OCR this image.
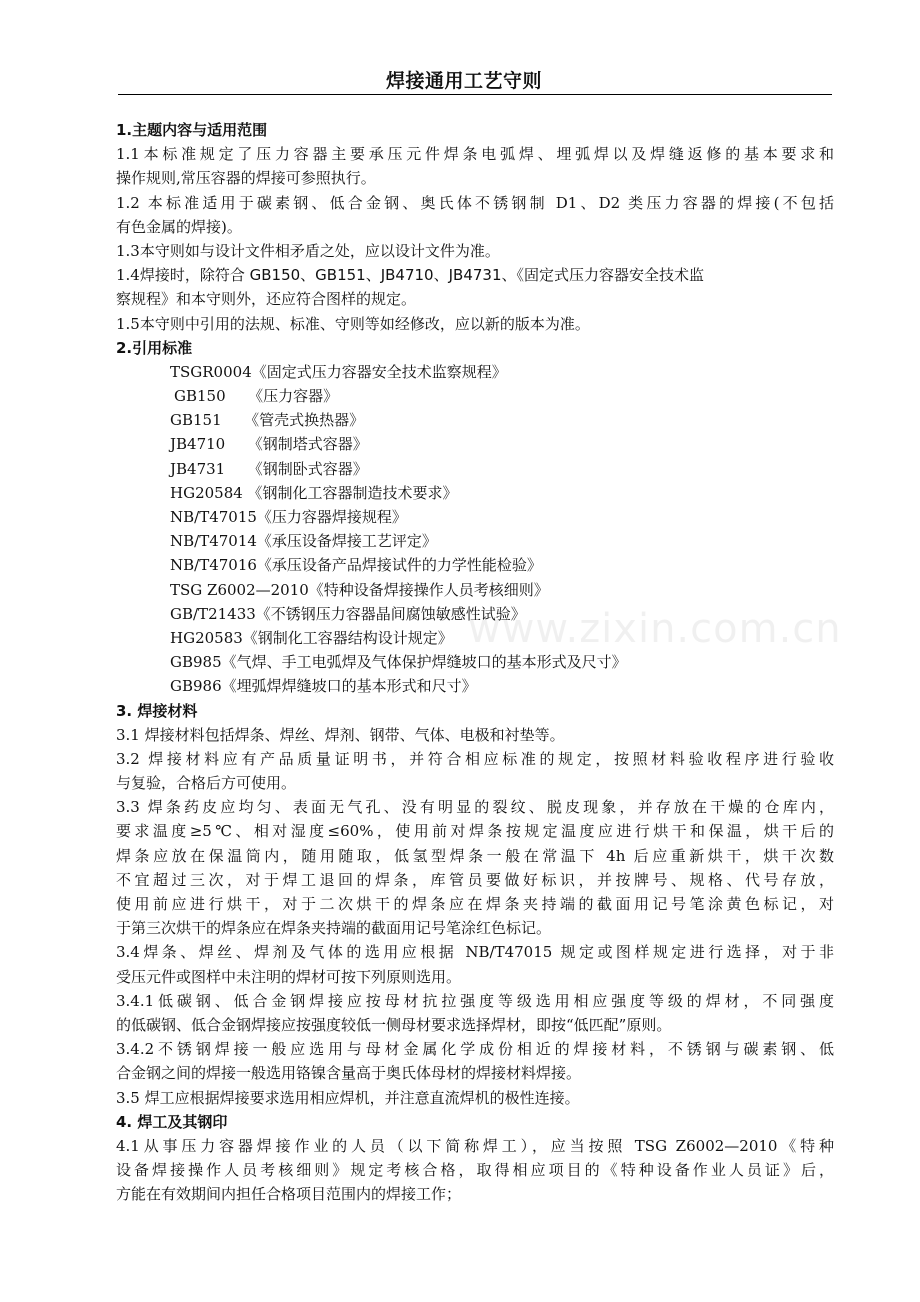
www.zixin.com.cn
焊接通用工艺守则
1.主题内容与适用范围
1.1本标准规定了压力容器主要承压元件焊条电弧焊、埋弧焊以及焊缝返修的基本要求和
操作规则,常压容器的焊接可参照执行。
1.2 本标准适用于碳素钢、低合金钢、奥氏体不锈钢制 D1、D2 类压力容器的焊接(不包括
有色金属的焊接)。
1.3本守则如与设计文件相矛盾之处，应以设计文件为准。
1.4焊接时，除符合 GB150、GB151、JB4710、JB4731、《固定式压力容器安全技术监
察规程》和本守则外，还应符合图样的规定。
1.5本守则中引用的法规、标准、守则等如经修改，应以新的版本为准。
2.引用标准
TSGR0004《固定式压力容器安全技术监察规程》
GB150　　《压力容器》
GB151　　《管壳式换热器》
JB4710　　《钢制塔式容器》
JB4731　　《钢制卧式容器》
HG20584 《钢制化工容器制造技术要求》
NB/T47015《压力容器焊接规程》
NB/T47014《承压设备焊接工艺评定》
NB/T47016《承压设备产品焊接试件的力学性能检验》
TSG Z6002—2010《特种设备焊接操作人员考核细则》
GB/T21433《不锈钢压力容器晶间腐蚀敏感性试验》
HG20583《钢制化工容器结构设计规定》
GB985《气焊、手工电弧焊及气体保护焊缝坡口的基本形式及尺寸》
GB986《埋弧焊焊缝坡口的基本形式和尺寸》
3. 焊接材料
3.1 焊接材料包括焊条、焊丝、焊剂、钢带、气体、电极和衬垫等。
3.2 焊接材料应有产品质量证明书，并符合相应标准的规定，按照材料验收程序进行验收
与复验，合格后方可使用。
3.3 焊条药皮应均匀、表面无气孔、没有明显的裂纹、脱皮现象，并存放在干燥的仓库内，
要求温度≥5℃、相对湿度≤60%，使用前对焊条按规定温度应进行烘干和保温，烘干后的
焊条应放在保温筒内，随用随取，低氢型焊条一般在常温下 4h 后应重新烘干，烘干次数
不宜超过三次，对于焊工退回的焊条，库管员要做好标识，并按牌号、规格、代号存放，
使用前应进行烘干，对于二次烘干的焊条应在焊条夹持端的截面用记号笔涂黄色标记，对
于第三次烘干的焊条应在焊条夹持端的截面用记号笔涂红色标记。
3.4焊条、焊丝、焊剂及气体的选用应根据 NB/T47015 规定或图样规定进行选择，对于非
受压元件或图样中未注明的焊材可按下列原则选用。
3.4.1低碳钢、低合金钢焊接应按母材抗拉强度等级选用相应强度等级的焊材，不同强度
的低碳钢、低合金钢焊接应按强度较低一侧母材要求选择焊材，即按“低匹配”原则。
3.4.2不锈钢焊接一般应选用与母材金属化学成份相近的焊接材料，不锈钢与碳素钢、低
合金钢之间的焊接一般选用铬镍含量高于奥氏体母材的焊接材料焊接。
3.5 焊工应根据焊接要求选用相应焊机，并注意直流焊机的极性连接。
4. 焊工及其钢印
4.1从事压力容器焊接作业的人员（以下简称焊工），应当按照 TSG Z6002—2010《特种
设备焊接操作人员考核细则》规定考核合格，取得相应项目的《特种设备作业人员证》后，
方能在有效期间内担任合格项目范围内的焊接工作；
